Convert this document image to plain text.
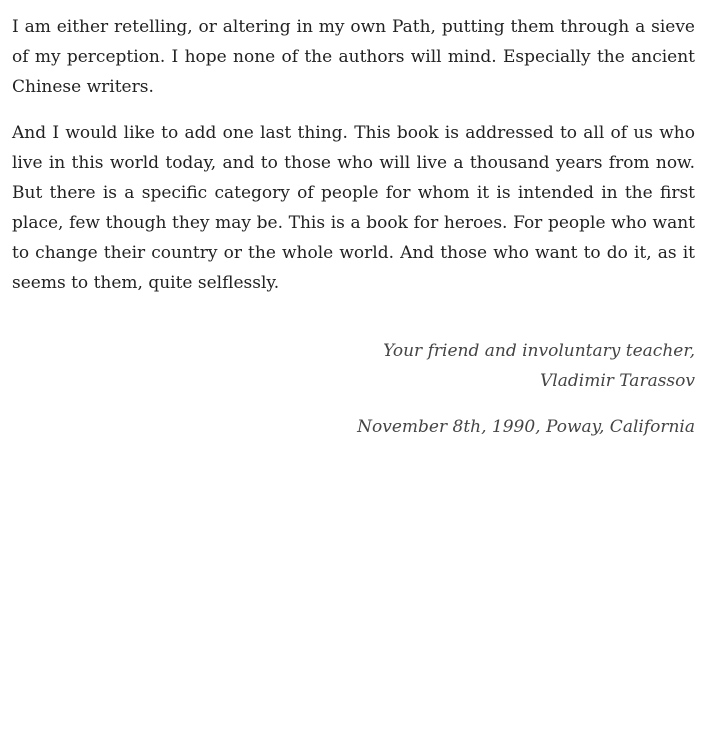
I am either retelling, or altering in my own Path, putting them through a sieve of my perception. I hope none of the authors will mind. Especially the ancient Chinese writers.

And I would like to add one last thing. This book is addressed to all of us who live in this world today, and to those who will live a thousand years from now. But there is a specific category of people for whom it is intended in the first place, few though they may be. This is a book for heroes. For people who want to change their country or the whole world. And those who want to do it, as it seems to them, quite selflessly.

Your friend and involuntary teacher,
Vladimir Tarassov
November 8th, 1990, Poway, California
